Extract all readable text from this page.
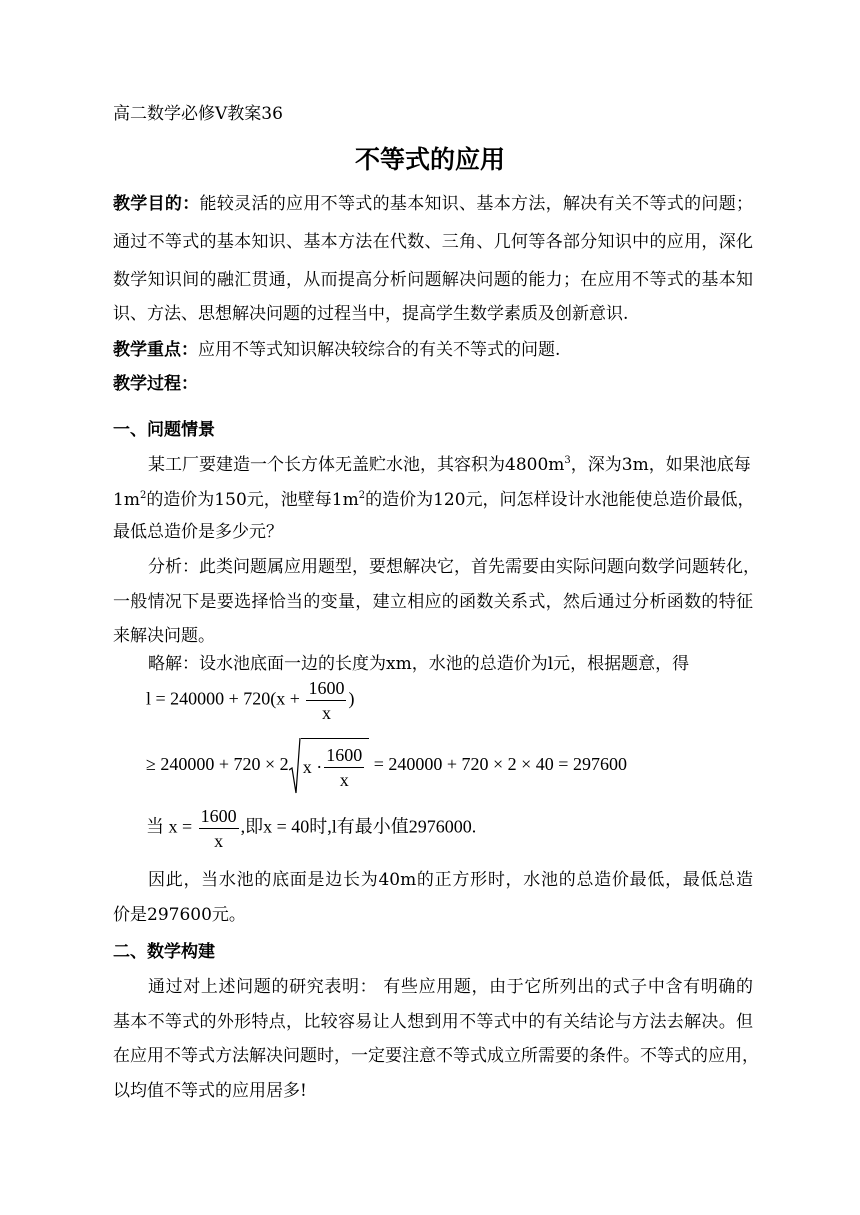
高二数学必修V教案36
不等式的应用
教学目的：能较灵活的应用不等式的基本知识、基本方法，解决有关不等式的问题；
通过不等式的基本知识、基本方法在代数、三角、几何等各部分知识中的应用，深化
数学知识间的融汇贯通，从而提高分析问题解决问题的能力；在应用不等式的基本知
识、方法、思想解决问题的过程当中，提高学生数学素质及创新意识.
教学重点：应用不等式知识解决较综合的有关不等式的问题.
教学过程：
一、问题情景
某工厂要建造一个长方体无盖贮水池，其容积为$4800m^3$，深为3m，如果池底每
$1m^2$的造价为150元，池壁每$1m^2$的造价为120元，问怎样设计水池能使总造价最低，
最低总造价是多少元？
分析：此类问题属应用题型，要想解决它，首先需要由实际问题向数学问题转化，
一般情况下是要选择恰当的变量，建立相应的函数关系式，然后通过分析函数的特征
来解决问题。
略解：设水池底面一边的长度为xm，水池的总造价为l元，根据题意，得
$l = 240000 + 720(x + \frac{1600}{x}$ )
≥ 240000 + 720 × 2 $x \cdot \frac{1600}{x} = 240000 + 720 \times 2 \times 40 = 297600$
当 $x = \frac{1600}{x}$ ,即x = 40时,l有最小值2976000.
因此，当水池的底面是边长为40m的正方形时，水池的总造价最低，最低总造
价是297600元。
二、数学构建
通过对上述问题的研究表明： 有些应用题，由于它所列出的式子中含有明确的
基本不等式的外形特点，比较容易让人想到用不等式中的有关结论与方法去解决。但
在应用不等式方法解决问题时，一定要注意不等式成立所需要的条件。不等式的应用，
以均值不等式的应用居多!
